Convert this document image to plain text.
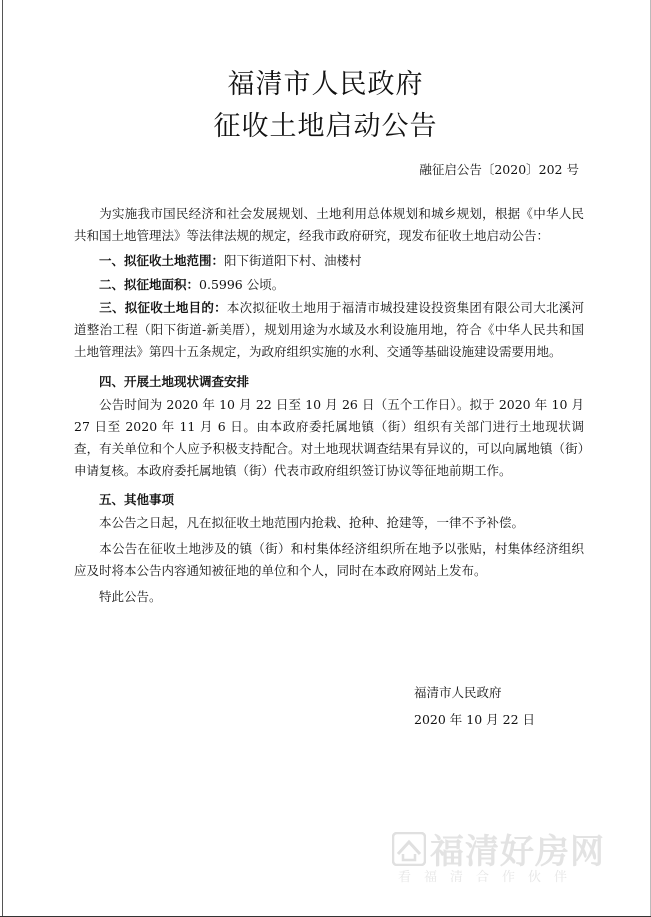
福清市人民政府
征收土地启动公告
融征启公告〔2020〕202 号
为实施我市国民经济和社会发展规划、土地利用总体规划和城乡规划，根据《中华人民共和国土地管理法》等法律法规的规定，经我市政府研究，现发布征收土地启动公告：
一、拟征收土地范围：阳下街道阳下村、油楼村
二、拟征地面积：0.5996 公顷。
三、拟征收土地目的：本次拟征收土地用于福清市城投建设投资集团有限公司大北溪河道整治工程（阳下街道-新美厝），规划用途为水域及水利设施用地，符合《中华人民共和国土地管理法》第四十五条规定，为政府组织实施的水利、交通等基础设施建设需要用地。
四、开展土地现状调查安排
公告时间为 2020 年 10 月 22 日至 10 月 26 日（五个工作日）。拟于 2020 年 10 月 27 日至 2020 年 11 月 6 日。由本政府委托属地镇（街）组织有关部门进行土地现状调查，有关单位和个人应予积极支持配合。对土地现状调查结果有异议的，可以向属地镇（街）申请复核。本政府委托属地镇（街）代表市政府组织签订协议等征地前期工作。
五、其他事项
本公告之日起，凡在拟征收土地范围内抢栽、抢种、抢建等，一律不予补偿。
本公告在征收土地涉及的镇（街）和村集体经济组织所在地予以张贴，村集体经济组织应及时将本公告内容通知被征地的单位和个人，同时在本政府网站上发布。
特此公告。
福清市人民政府
2020 年 10 月 22 日
福清好房网
看福清合作伙伴
